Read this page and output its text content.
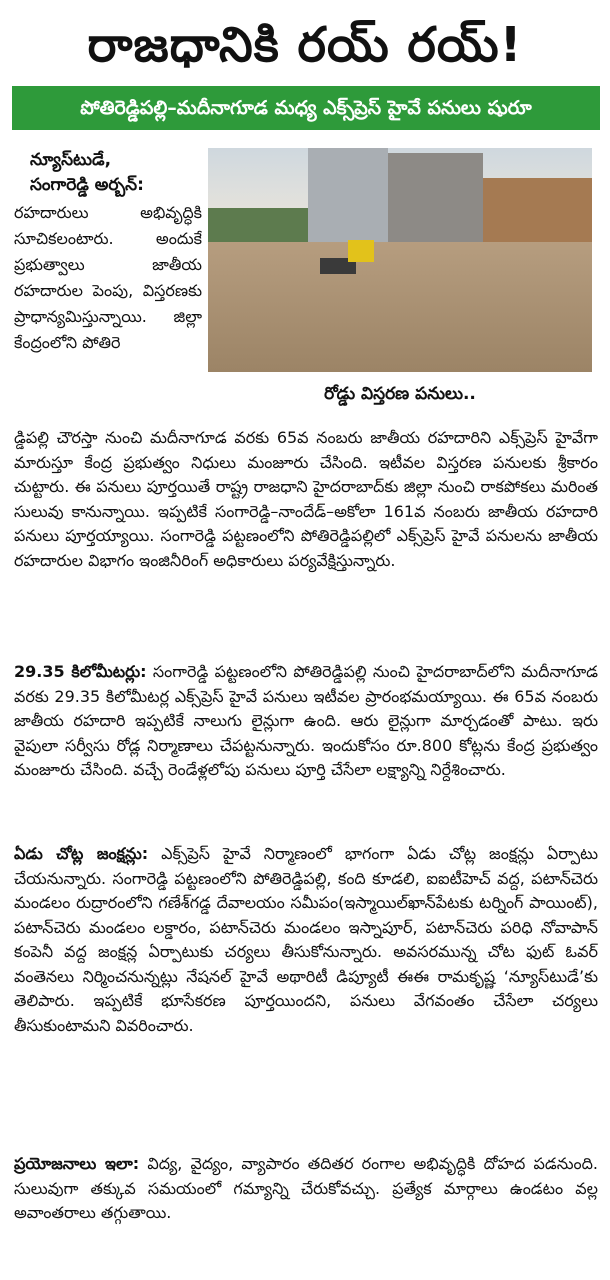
రాజధానికి రయ్ రయ్!
పోతిరెడ్డిపల్లి–మదీనాగూడ మధ్య ఎక్స్‌ప్రెస్ హైవే పనులు షురూ
న్యూస్‌టుడే,
సంగారెడ్డి అర్బన్:
రహదారులు అభివృద్ధికి సూచికలంటారు. అందుకే ప్రభుత్వాలు జాతీయ రహదారుల పెంపు, విస్తరణకు ప్రాధాన్యమిస్తున్నాయి. జిల్లా కేంద్రంలోని పోతిరె
రోడ్డు విస్తరణ పనులు..
డ్డిపల్లి చౌరస్తా నుంచి మదీనాగూడ వరకు 65వ నంబరు జాతీయ రహదారిని ఎక్స్‌ప్రెస్ హైవేగా మారుస్తూ కేంద్ర ప్రభుత్వం నిధులు మంజూరు చేసింది. ఇటీవల విస్తరణ పనులకు శ్రీకారం చుట్టారు. ఈ పనులు పూర్తయితే రాష్ట్ర రాజధాని హైదరాబాద్‌కు జిల్లా నుంచి రాకపోకలు మరింత సులువు కానున్నాయి. ఇప్పటికే సంగారెడ్డి–నాందేడ్–అకోలా 161వ నంబరు జాతీయ రహదారి పనులు పూర్తయ్యాయి. సంగారెడ్డి పట్టణంలోని పోతిరెడ్డిపల్లిలో ఎక్స్‌ప్రెస్ హైవే పనులను జాతీయ రహదారుల విభాగం ఇంజినీరింగ్ అధికారులు పర్యవేక్షిస్తున్నారు.
29.35 కిలోమీటర్లు: సంగారెడ్డి పట్టణంలోని పోతిరెడ్డిపల్లి నుంచి హైదరాబాద్‌లోని మదీనాగూడ వరకు 29.35 కిలోమీటర్ల ఎక్స్‌ప్రెస్ హైవే పనులు ఇటీవల ప్రారంభమయ్యాయి. ఈ 65వ నంబరు జాతీయ రహదారి ఇప్పటికే నాలుగు లైన్లుగా ఉంది. ఆరు లైన్లుగా మార్చడంతో పాటు. ఇరు వైపులా సర్వీసు రోడ్ల నిర్మాణాలు చేపట్టనున్నారు. ఇందుకోసం రూ.800 కోట్లను కేంద్ర ప్రభుత్వం మంజూరు చేసింది. వచ్చే రెండేళ్లలోపు పనులు పూర్తి చేసేలా లక్ష్యాన్ని నిర్దేశించారు.
ఏడు చోట్ల జంక్షన్లు: ఎక్స్‌ప్రెస్ హైవే నిర్మాణంలో భాగంగా ఏడు చోట్ల జంక్షన్లు ఏర్పాటు చేయనున్నారు. సంగారెడ్డి పట్టణంలోని పోతిరెడ్డిపల్లి, కంది కూడలి, ఐఐటీహెచ్ వద్ద, పటాన్‌చెరు మండలం రుద్రారంలోని గణేశ్‌గడ్డ దేవాలయం సమీపం(ఇస్మాయిల్‌ఖాన్‌పేటకు టర్నింగ్ పాయింట్), పటాన్‌చెరు మండలం లక్డారం, పటాన్‌చెరు మండలం ఇస్నాపూర్, పటాన్‌చెరు పరిధి నోవాపాన్ కంపెనీ వద్ద జంక్షన్ల ఏర్పాటుకు చర్యలు తీసుకోనున్నారు. అవసరమున్న చోట ఫుట్ ఓవర్ వంతెనలు నిర్మించనున్నట్లు నేషనల్ హైవే అథారిటీ డిప్యూటీ ఈఈ రామకృష్ణ ‘న్యూస్‌టుడే’కు తెలిపారు. ఇప్పటికే భూసేకరణ పూర్తయిందని, పనులు వేగవంతం చేసేలా చర్యలు తీసుకుంటామని వివరించారు.
ప్రయోజనాలు ఇలా: విద్య, వైద్యం, వ్యాపారం తదితర రంగాల అభివృద్ధికి దోహద పడనుంది. సులువుగా తక్కువ సమయంలో గమ్యాన్ని చేరుకోవచ్చు. ప్రత్యేక మార్గాలు ఉండటం వల్ల అవాంతరాలు తగ్గుతాయి.
